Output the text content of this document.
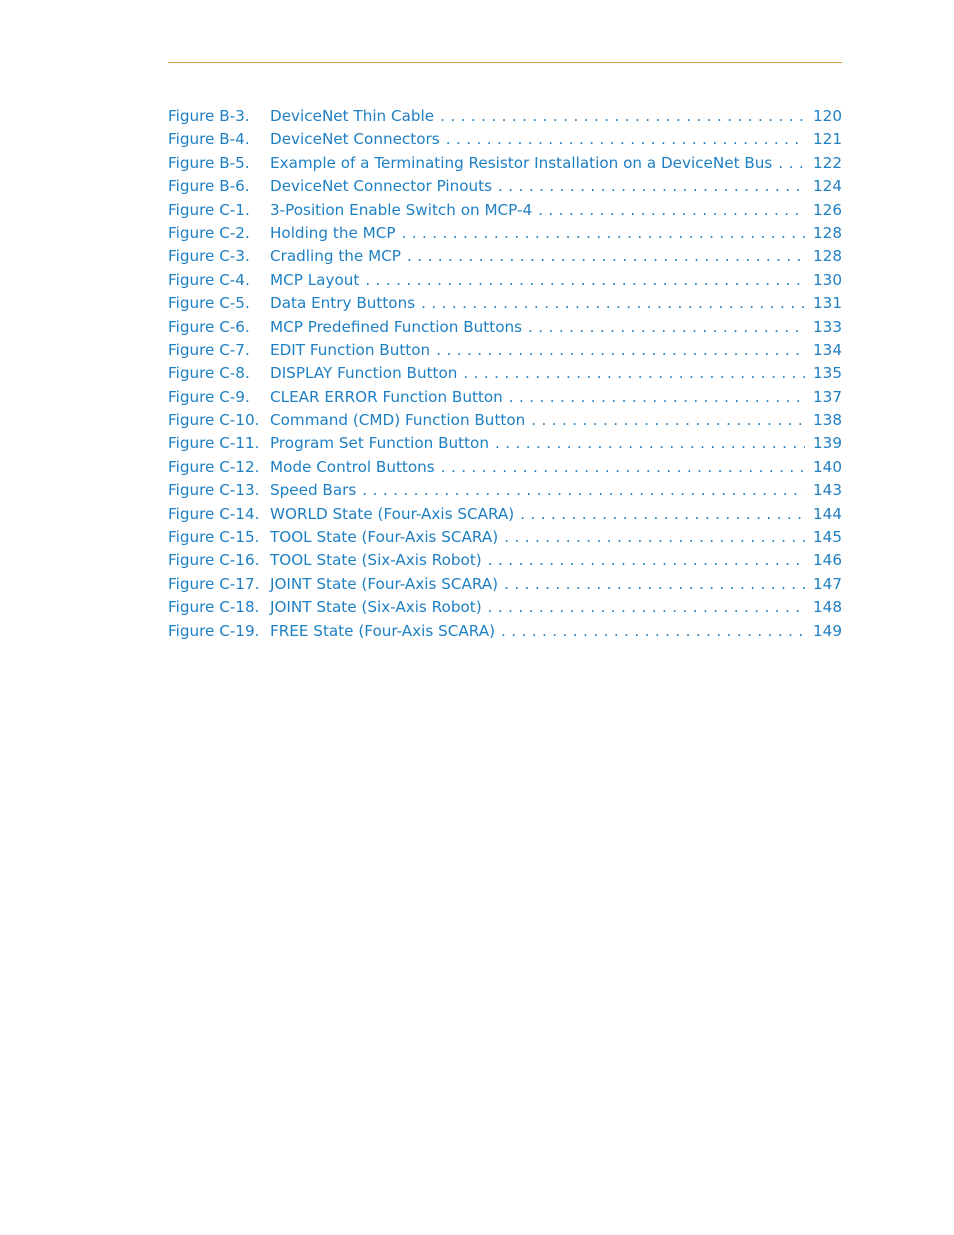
Figure B-3.	DeviceNet Thin Cable . . .	120
Figure B-4.	DeviceNet Connectors . . .	121
Figure B-5.	Example of a Terminating Resistor Installation on a DeviceNet Bus . . .	122
Figure B-6.	DeviceNet Connector Pinouts . . .	124
Figure C-1.	3-Position Enable Switch on MCP-4 . . .	126
Figure C-2.	Holding the MCP . . .	128
Figure C-3.	Cradling the MCP . . .	128
Figure C-4.	MCP Layout . . .	130
Figure C-5.	Data Entry Buttons . . .	131
Figure C-6.	MCP Predefined Function Buttons . . .	133
Figure C-7.	EDIT Function Button . . .	134
Figure C-8.	DISPLAY Function Button . . .	135
Figure C-9.	CLEAR ERROR Function Button . . .	137
Figure C-10. Command (CMD) Function Button . . .	138
Figure C-11. Program Set Function Button . . .	139
Figure C-12. Mode Control Buttons . . .	140
Figure C-13. Speed Bars . . .	143
Figure C-14. WORLD State (Four-Axis SCARA) . . .	144
Figure C-15. TOOL State (Four-Axis SCARA) . . .	145
Figure C-16. TOOL State (Six-Axis Robot) . . .	146
Figure C-17. JOINT State (Four-Axis SCARA) . . .	147
Figure C-18. JOINT State (Six-Axis Robot) . . .	148
Figure C-19. FREE State (Four-Axis SCARA) . . .	149
